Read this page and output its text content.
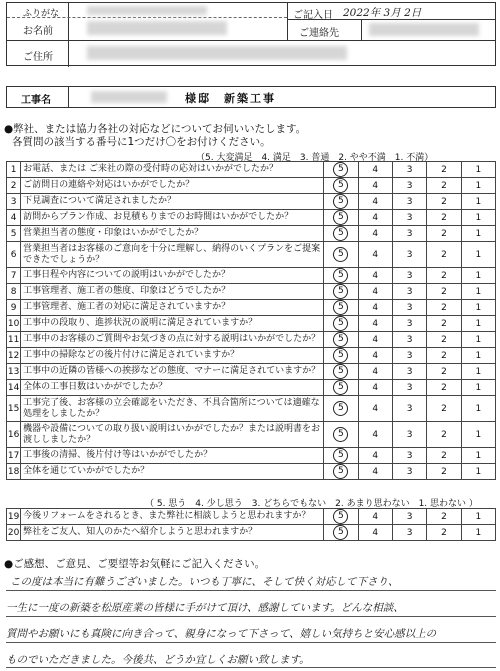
ふりがな
お名前
ご住所
ご記入日 2022年 3月 2日
ご連絡先
工事名	様邸　新築工事
●弊社、または協力各社の対応などについてお伺いいたします。
各質問の該当する番号に1つだけ〇をお付けください。
（5. 大変満足　4. 満足　3. 普通　2. やや不満　1. 不満）
1	お電話、または ご来社の際の受付時の応対はいかがでしたか？	5	4	3	2	1
2	ご訪問日の連絡や対応はいかがでしたか？	5	4	3	2	1
3	下見調査について満足されましたか？	5	4	3	2	1
4	訪問からプラン作成、お見積もりまでのお時間はいかがでしたか？	5	4	3	2	1
5	営業担当者の態度・印象はいかがでしたか？	5	4	3	2	1
6	営業担当者はお客様のご意向を十分に理解し、納得のいくプランをご提案できたでしょうか？	5	4	3	2	1
7	工事日程や内容についての説明はいかがでしたか？	5	4	3	2	1
8	工事管理者、施工者の態度、印象はどうでしたか？	5	4	3	2	1
9	工事管理者、施工者の対応に満足されていますか？	5	4	3	2	1
10	工事中の段取り、進捗状況の説明に満足されていますか？	5	4	3	2	1
11	工事中のお客様のご質問やお気づきの点に対する説明はいかがでしたか？	5	4	3	2	1
12	工事中の掃除などの後片付けに満足されていますか？	5	4	3	2	1
13	工事中の近隣の皆様への挨拶などの態度、マナーに満足されていますか？	5	4	3	2	1
14	全体の工事日数はいかがでしたか？	5	4	3	2	1
15	工事完了後、お客様の立会確認をいただき、不具合箇所については適確な処理をしましたか？	5	4	3	2	1
16	機器や設備についての取り扱い説明はいかがでしたか？または説明書をお渡ししましたか？	5	4	3	2	1
17	工事後の清掃、後片付け等はいかがでしたか？	5	4	3	2	1
18	全体を通じていかがでしたか？	5	4	3	2	1
（ 5. 思う　4. 少し思う　3. どちらでもない　2. あまり思わない　1. 思わない ）
19	今後リフォームをされるとき、また弊社に相談しようと思われますか？	5	4	3	2	1
20	弊社をご友人、知人のかたへ紹介しようと思われますか？	5	4	3	2	1
●ご感想、ご意見、ご要望等お気軽にご記入ください。
この度は本当に有難うございました。いつも丁寧に、そして快く対応して下さり、
一生に一度の新築を松原産業の皆様に手がけて頂け、感謝しています。どんな相談、
質問やお願いにも真険に向き合って、親身になって下さって、嬉しい気持ちと安心感以上の
ものでいただきました。今後共、どうか宜しくお願い致します。
